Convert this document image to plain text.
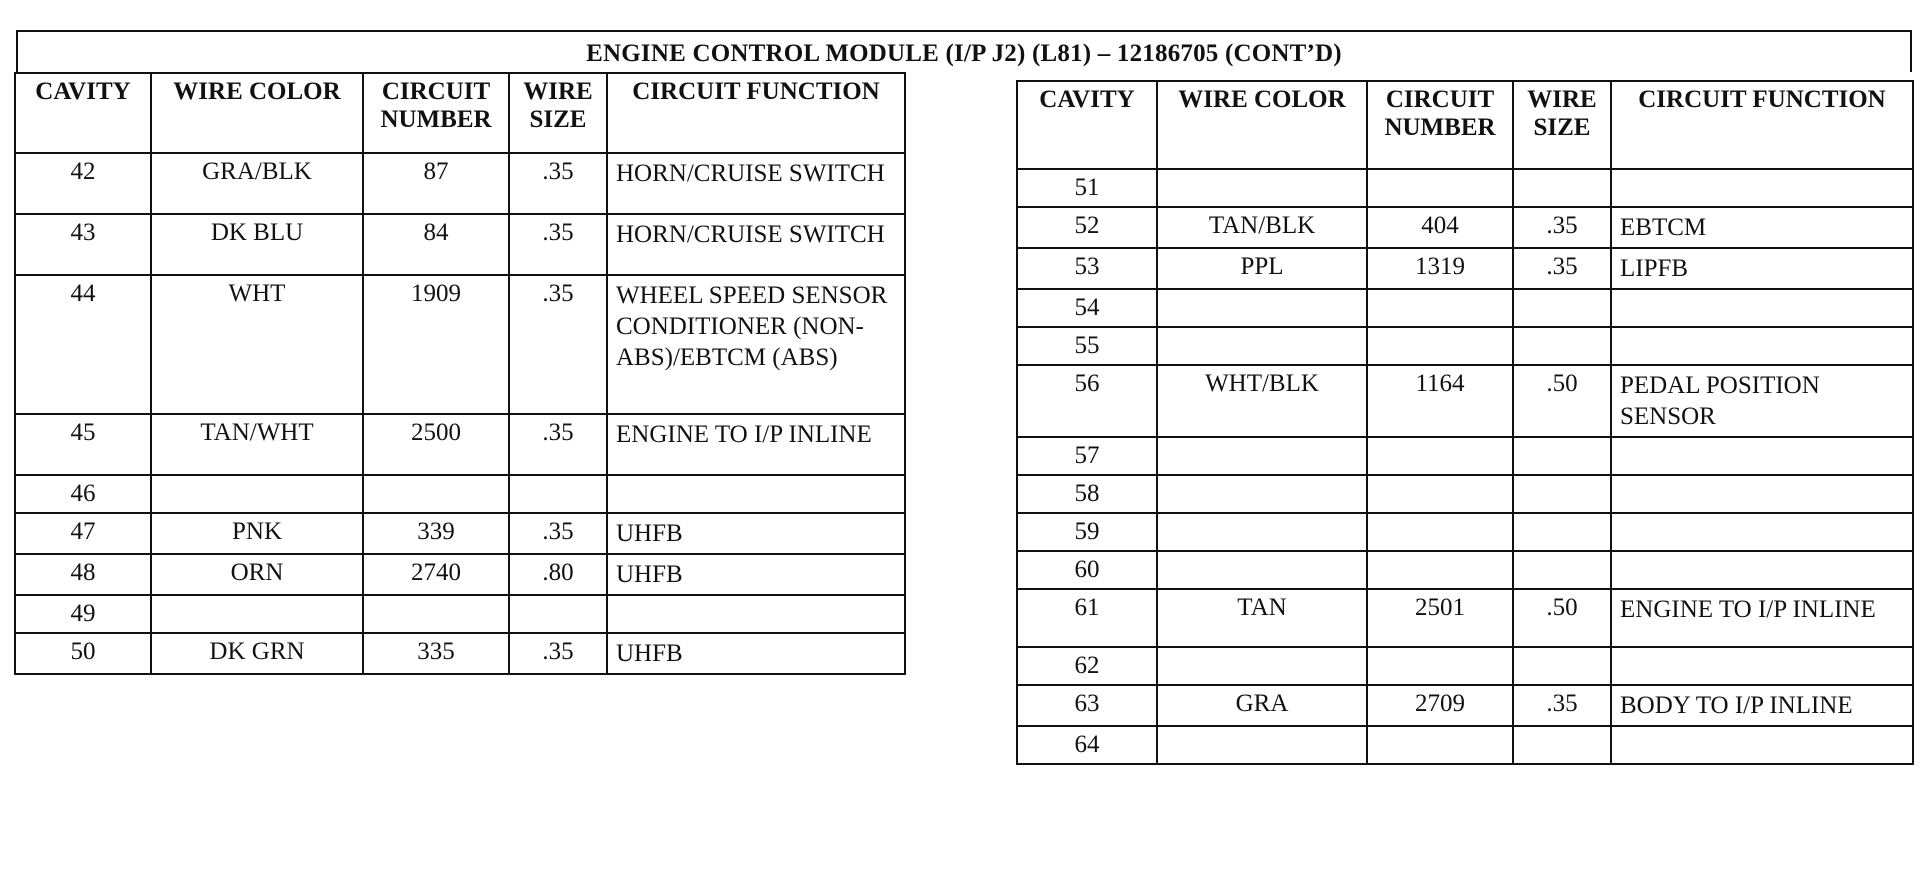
ENGINE CONTROL MODULE (I/P J2) (L81) – 12186705 (CONT’D)
CAVITY	WIRE COLOR	CIRCUIT NUMBER	WIRE SIZE	CIRCUIT FUNCTION
42	GRA/BLK	87	.35	HORN/CRUISE SWITCH
43	DK BLU	84	.35	HORN/CRUISE SWITCH
44	WHT	1909	.35	WHEEL SPEED SENSOR CONDITIONER (NON-ABS)/EBTCM (ABS)
45	TAN/WHT	2500	.35	ENGINE TO I/P INLINE
46				
47	PNK	339	.35	UHFB
48	ORN	2740	.80	UHFB
49				
50	DK GRN	335	.35	UHFB
CAVITY	WIRE COLOR	CIRCUIT NUMBER	WIRE SIZE	CIRCUIT FUNCTION
51				
52	TAN/BLK	404	.35	EBTCM
53	PPL	1319	.35	LIPFB
54				
55				
56	WHT/BLK	1164	.50	PEDAL POSITION SENSOR
57				
58				
59				
60				
61	TAN	2501	.50	ENGINE TO I/P INLINE
62				
63	GRA	2709	.35	BODY TO I/P INLINE
64				
